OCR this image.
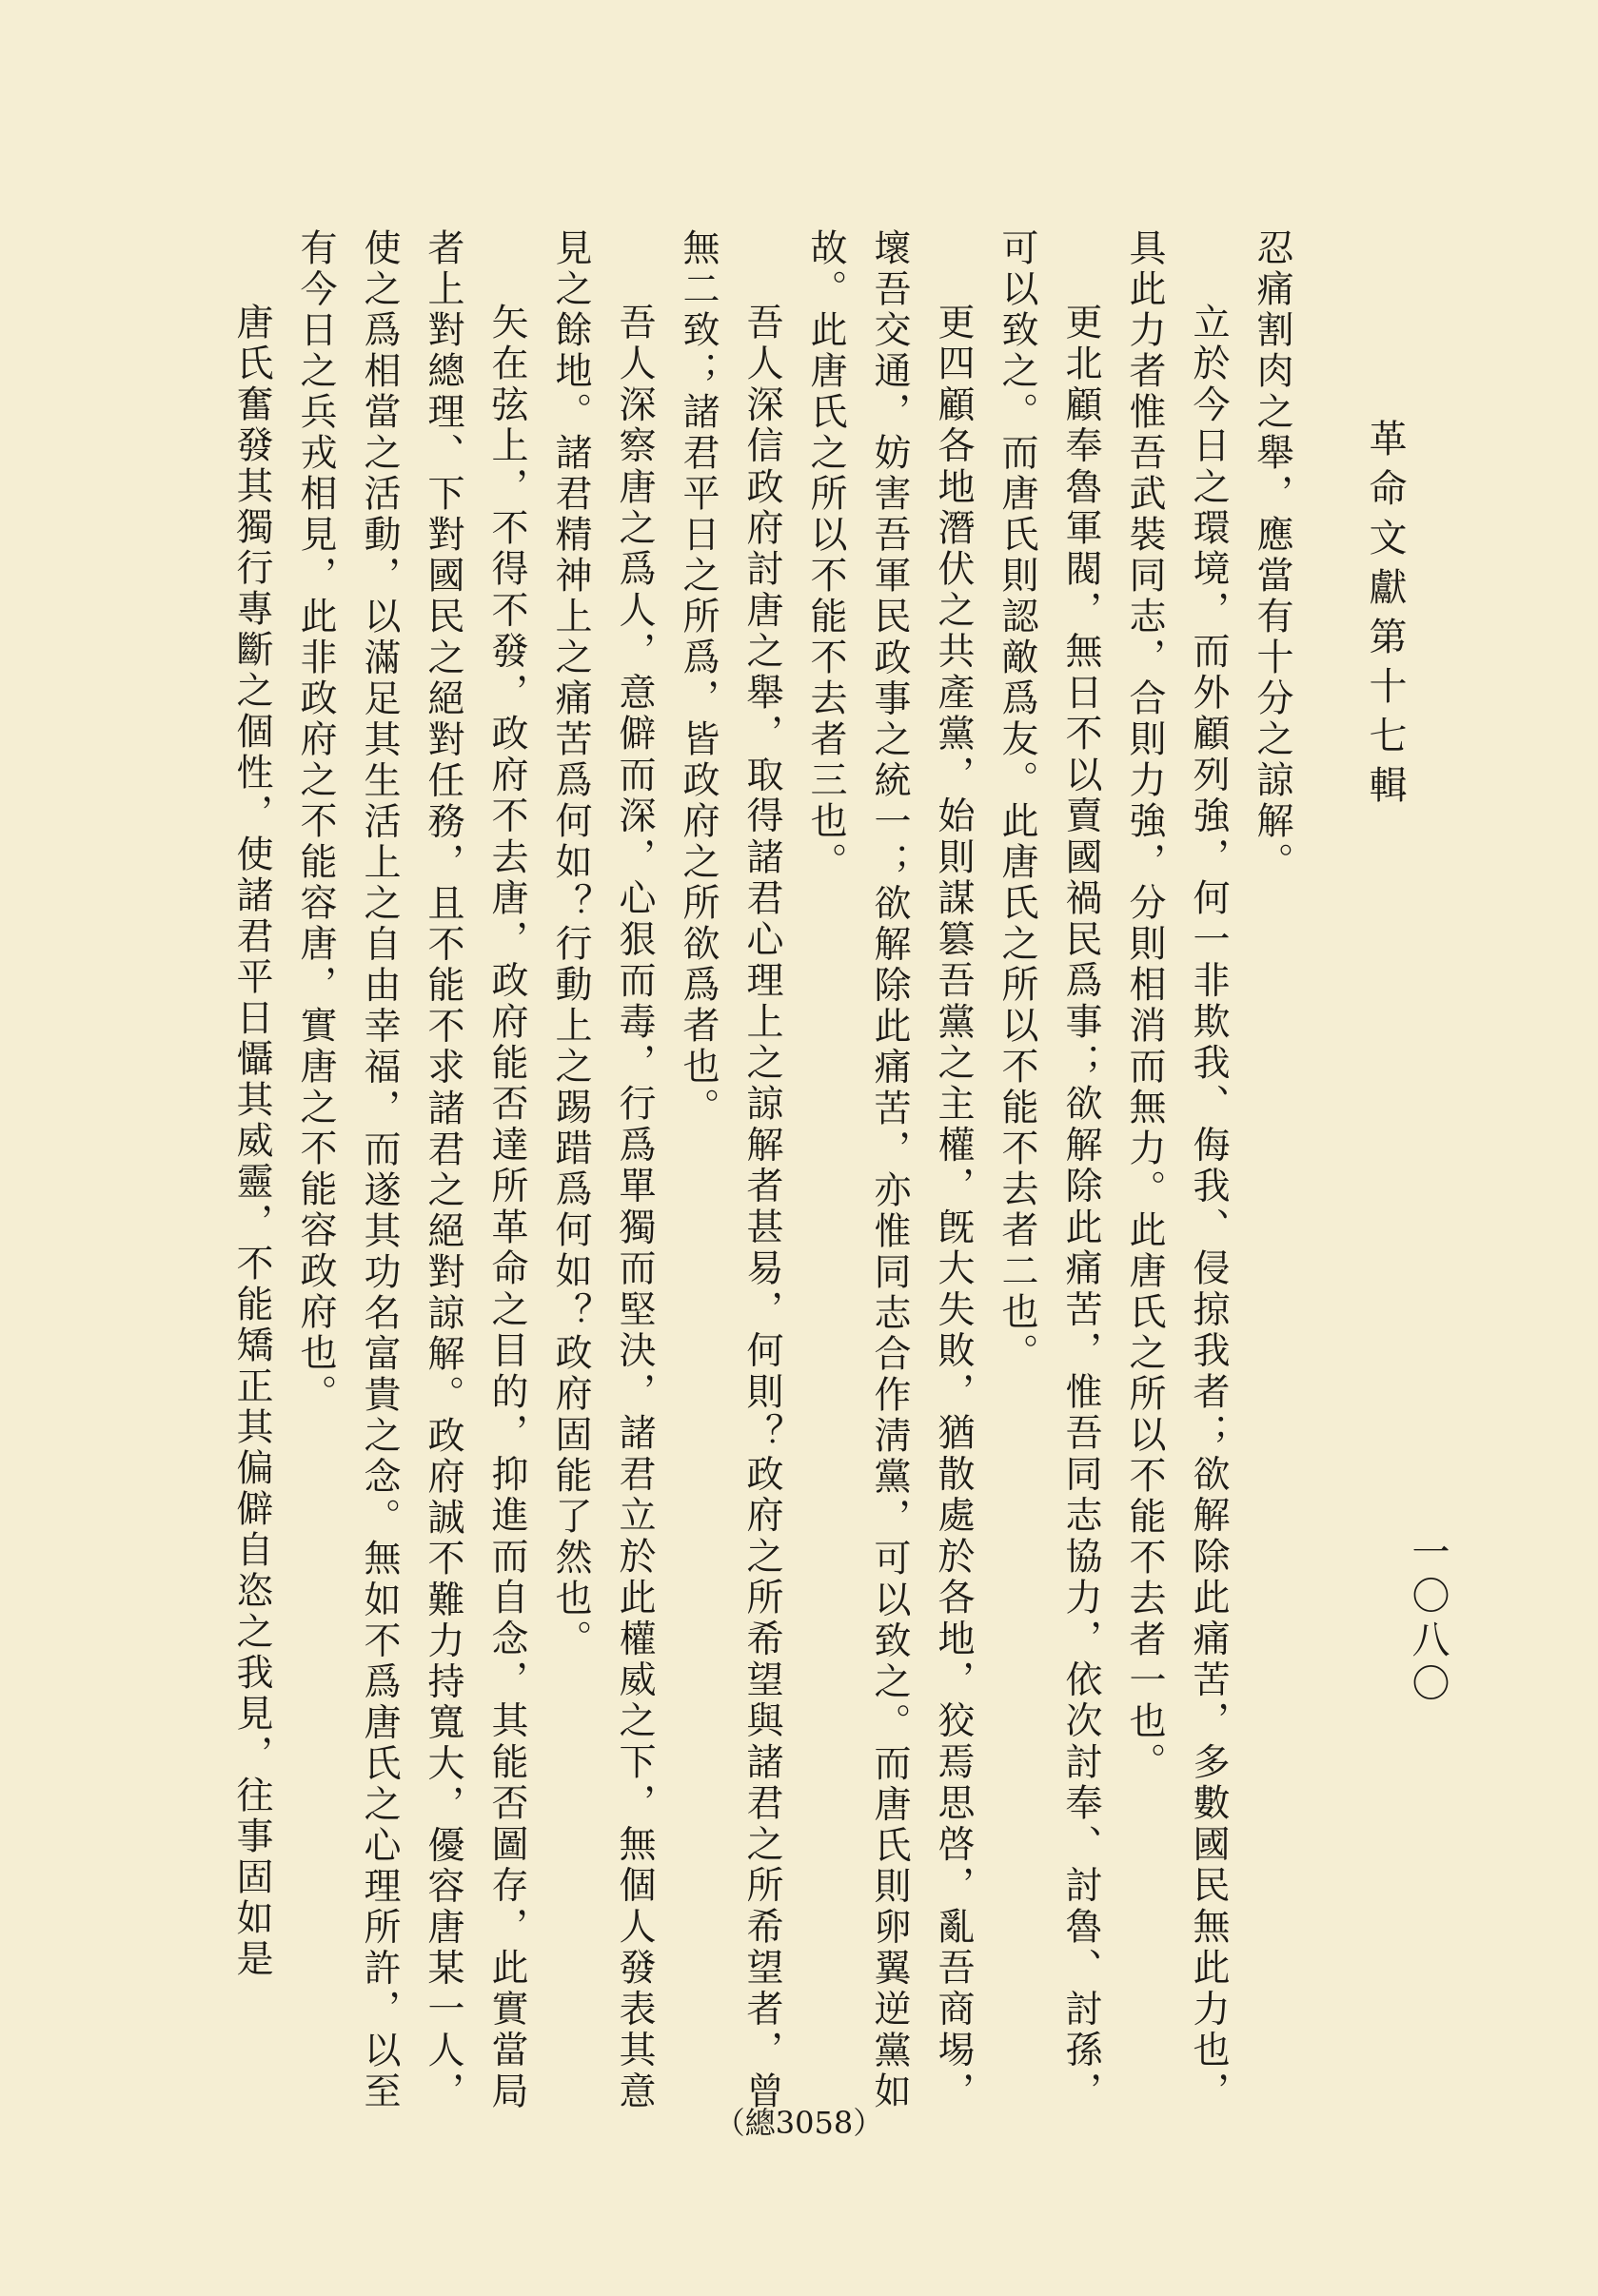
革命文獻第十七輯
一〇八〇

忍痛割肉之舉，應當有十分之諒解。

立於今日之環境，而外顧列強，何一非欺我、侮我、侵掠我者；欲解除此痛苦，多數國民無此力也，具此力者惟吾武裝同志，合則力強，分則相消而無力。此唐氏之所以不能不去者一也。

更北顧奉魯軍閥，無日不以賣國禍民爲事；欲解除此痛苦，惟吾同志協力，依次討奉、討魯、討孫，可以致之。而唐氏則認敵爲友。此唐氏之所以不能不去者二也。

更四顧各地潛伏之共產黨，始則謀篡吾黨之主權，旣大失敗，猶散處於各地，狡焉思啓，亂吾商埸，壞吾交通，妨害吾軍民政事之統一；欲解除此痛苦，亦惟同志合作淸黨，可以致之。而唐氏則卵翼逆黨如故。此唐氏之所以不能不去者三也。

吾人深信政府討唐之舉，取得諸君心理上之諒解者甚易，何則？政府之所希望與諸君之所希望者，曾無二致；諸君平日之所爲，皆政府之所欲爲者也。

吾人深察唐之爲人，意僻而深，心狠而毒，行爲單獨而堅決，諸君立於此權威之下，無個人發表其意見之餘地。諸君精神上之痛苦爲何如？行動上之踢踖爲何如？政府固能了然也。

矢在弦上，不得不發，政府不去唐，政府能否達所革命之目的，抑進而自念，其能否圖存，此實當局者上對總理、下對國民之絕對任務，且不能不求諸君之絕對諒解。政府誠不難力持寬大，優容唐某一人，使之爲相當之活動，以滿足其生活上之自由幸福，而遂其功名富貴之念。無如不爲唐氏之心理所許，以至有今日之兵戎相見，此非政府之不能容唐，實唐之不能容政府也。

唐氏奮發其獨行專斷之個性，使諸君平日懾其威靈，不能矯正其偏僻自恣之我見，往事固如是

（總3058）
